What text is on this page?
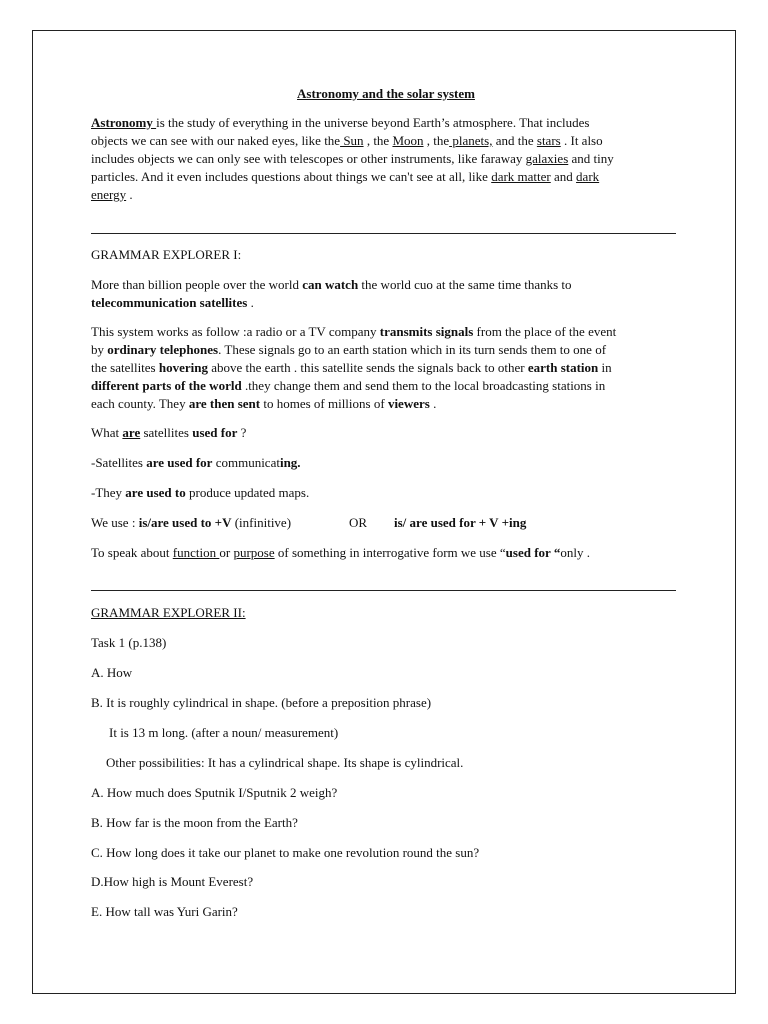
Astronomy and the solar system
Astronomy is the study of everything in the universe beyond Earth’s atmosphere. That includes
objects we can see with our naked eyes, like the Sun , the Moon , the planets, and the stars . It also
includes objects we can only see with telescopes or other instruments, like faraway galaxies and tiny
particles. And it even includes questions about things we can't see at all, like dark matter and dark
energy .
GRAMMAR EXPLORER I:
More than billion people over the world can watch the world cuo at the same time thanks to
telecommunication satellites .
This system works as follow :a radio or a TV company transmits signals from the place of the event
by ordinary telephones. These signals go to an earth station which in its turn sends them to one of
the satellites hovering above the earth . this satellite sends the signals back to other earth station in
different parts of the world .they change them and send them to the local broadcasting stations in
each county. They are then sent to homes of millions of viewers .
What are satellites used for ?
-Satellites are used for communicating.
-They are used to produce updated maps.
We use : is/are used to +V (infinitive)	OR is/ are used for + V +ing
To speak about function or purpose of something in interrogative form we use “used for “only .
GRAMMAR EXPLORER II:
Task 1 (p.138)
A. How
B. It is roughly cylindrical in shape. (before a preposition phrase)
It is 13 m long. (after a noun/ measurement)
Other possibilities: It has a cylindrical shape. Its shape is cylindrical.
A. How much does Sputnik I/Sputnik 2 weigh?
B. How far is the moon from the Earth?
C. How long does it take our planet to make one revolution round the sun?
D.How high is Mount Everest?
E. How tall was Yuri Garin?
